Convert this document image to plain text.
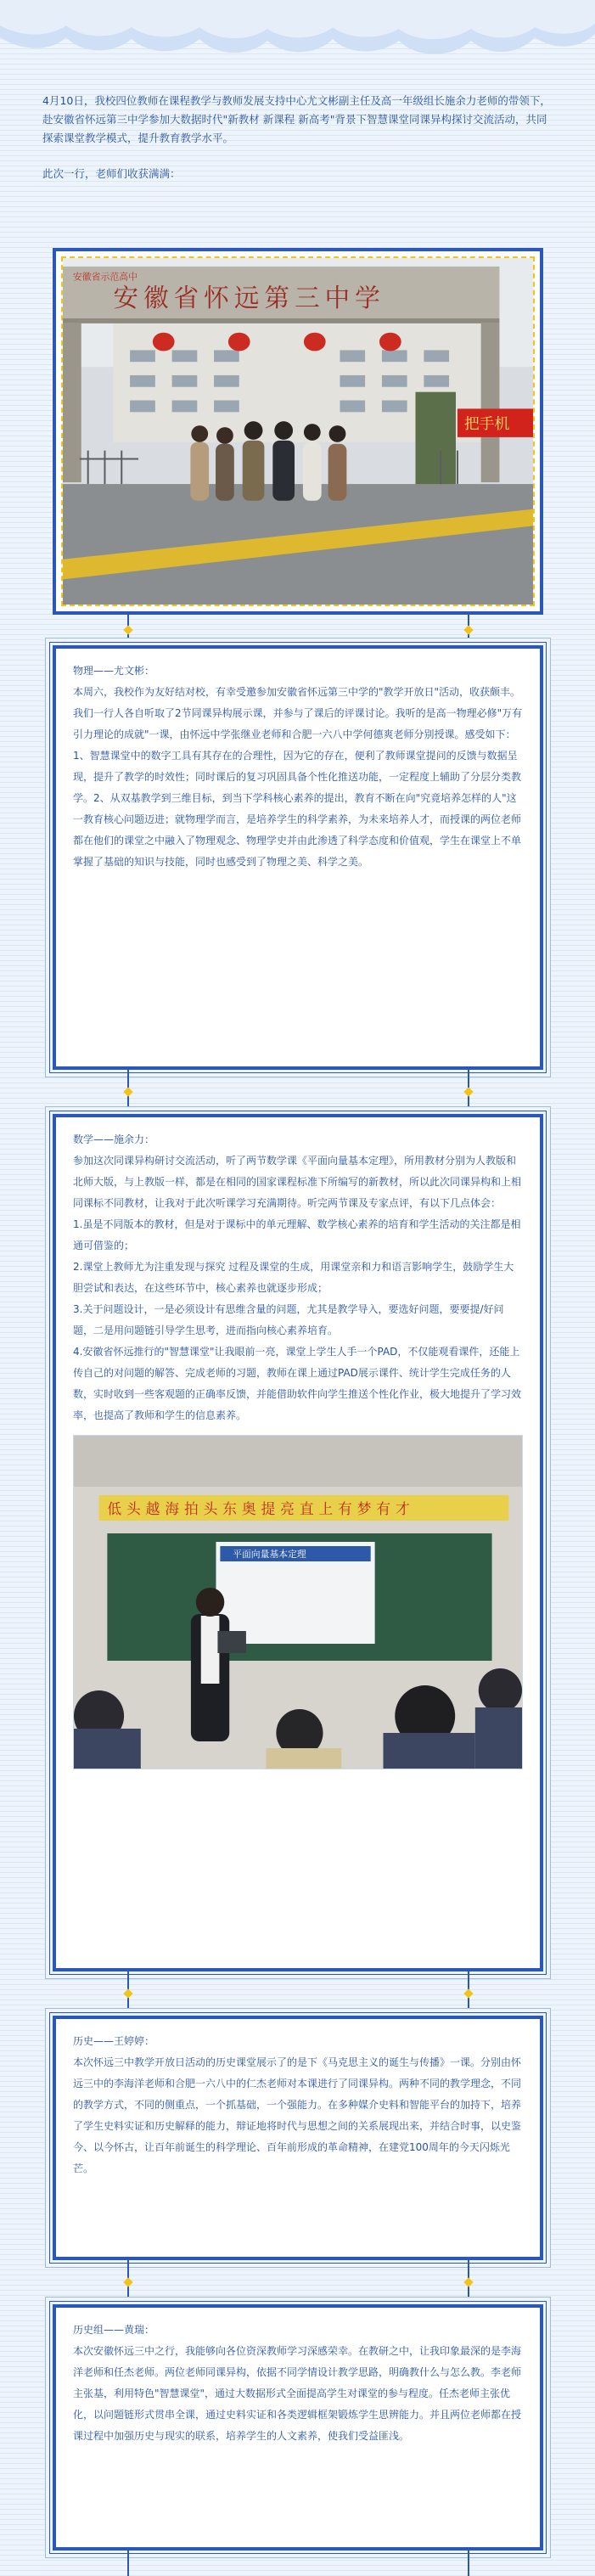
4月10日，我校四位教师在课程教学与教师发展支持中心尤文彬副主任及高一年级组长施余力老师的带领下，赴安徽省怀远第三中学参加大数据时代"新教材 新课程 新高考"背景下智慧课堂同课异构探讨交流活动，共同探索课堂教学模式，提升教育教学水平。

此次一行，老师们收获满满：

安徽省示范高中
安徽省怀远第三中学
把手机

物理——尤文彬：

本周六，我校作为友好结对校，有幸受邀参加安徽省怀远第三中学的"教学开放日"活动，收获颇丰。我们一行人各自听取了2节同课异构展示课，并参与了课后的评课讨论。我听的是高一物理必修"万有引力理论的成就"一课，由怀远中学张继业老师和合肥一六八中学何德爽老师分别授课。感受如下：1、智慧课堂中的数字工具有其存在的合理性，因为它的存在，便利了教师课堂提问的反馈与数据呈现，提升了教学的时效性；同时课后的复习巩固具备个性化推送功能，一定程度上辅助了分层分类教学。2、从双基教学到三维目标，到当下学科核心素养的提出，教育不断在向"究竟培养怎样的人"这一教育核心问题迈进；就物理学而言，是培养学生的科学素养，为未来培养人才，而授课的两位老师都在他们的课堂之中融入了物理观念、物理学史并由此渗透了科学态度和价值观，学生在课堂上不单掌握了基础的知识与技能，同时也感受到了物理之美、科学之美。

数学——施余力：

参加这次同课异构研讨交流活动，听了两节数学课《平面向量基本定理》，所用教材分别为人教版和北师大版，与上教版一样，都是在相同的国家课程标准下所编写的新教材，所以此次同课异构和上相同课标不同教材，让我对于此次听课学习充满期待。听完两节课及专家点评，有以下几点体会：

1.虽是不同版本的教材，但是对于课标中的单元理解、数学核心素养的培育和学生活动的关注都是相通可借鉴的；

2.课堂上教师尤为注重发现与探究 过程及课堂的生成，用课堂亲和力和语言影响学生，鼓励学生大胆尝试和表达，在这些环节中，核心素养也就逐步形成；

3.关于问题设计，一是必须设计有思维含量的问题，尤其是教学导入，要选好问题，要要提/好问题，二是用问题链引导学生思考，进而指向核心素养培育。

4.安徽省怀远推行的"智慧课堂"让我眼前一亮，课堂上学生人手一个PAD，不仅能观看课件，还能上传自己的对问题的解答、完成老师的习题，教师在课上通过PAD展示课件、统计学生完成任务的人数，实时收到一些客观题的正确率反馈，并能借助软件向学生推送个性化作业，极大地提升了学习效率，也提高了教师和学生的信息素养。

低头越海拍头东奥提亮直上有梦有才
平面向量基本定理

历史——王婷婷：

本次怀远三中教学开放日活动的历史课堂展示了的是下《马克思主义的诞生与传播》一课。分别由怀远三中的李海洋老师和合肥一六八中的仁杰老师对本课进行了同课异构。两种不同的教学理念，不同的教学方式，不同的侧重点，一个抓基础，一个强能力。在多种媒介史料和智能平台的加持下，培养了学生史料实证和历史解释的能力，辩证地将时代与思想之间的关系展现出来，并结合时事，以史鉴今、以今怀古，让百年前诞生的科学理论、百年前形成的革命精神，在建党100周年的今天闪烁光芒。

历史组——黄瑞：

本次安徽怀远三中之行，我能够向各位资深教师学习深感荣幸。在教研之中，让我印象最深的是李海洋老师和任杰老师。两位老师同课异构，依据不同学情设计教学思路，明确教什么与怎么教。李老师主张基，利用特色"智慧课堂"，通过大数据形式全面提高学生对课堂的参与程度。任杰老师主张优化，以问题链形式贯串全课，通过史料实证和各类逻辑框架锻炼学生思辨能力。并且两位老师都在授课过程中加强历史与现实的联系，培养学生的人文素养，使我们受益匪浅。
